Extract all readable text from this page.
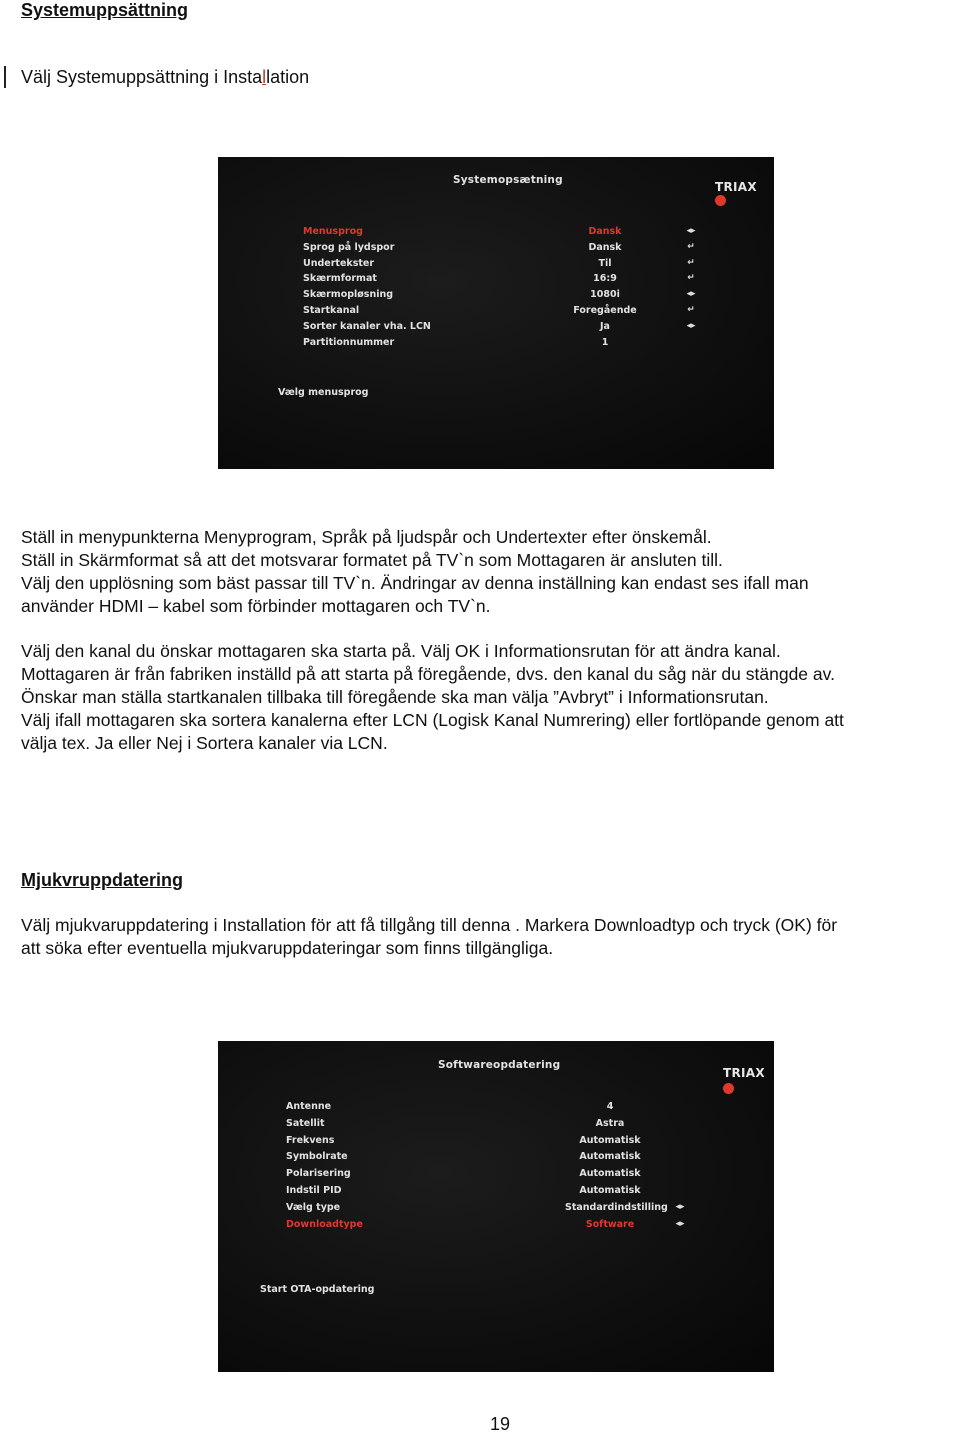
Systemuppsättning
Välj Systemuppsättning i Installation
Systemopsætning	TRIAX
Menusprog	Dansk	◂▸
Sprog på lydspor	Dansk	↵
Undertekster	Til	↵
Skærmformat	16:9	↵
Skærmopløsning	1080i	◂▸
Startkanal	Foregående	↵
Sorter kanaler vha. LCN	Ja	◂▸
Partitionnummer	1
Vælg menusprog
Ställ in menypunkterna Menyprogram, Språk på ljudspår och Undertexter efter önskemål.
Ställ in Skärmformat så att det motsvarar formatet på TV`n som Mottagaren är ansluten till.
Välj den upplösning som bäst passar till TV`n. Ändringar av denna inställning kan endast ses ifall man
använder HDMI – kabel som förbinder mottagaren och TV`n.
Välj den kanal du önskar mottagaren ska starta på. Välj OK i Informationsrutan för att ändra kanal.
Mottagaren är från fabriken inställd på att starta på föregående, dvs. den kanal du såg när du stängde av.
Önskar man ställa startkanalen tillbaka till föregående ska man välja ”Avbryt” i Informationsrutan.
Välj ifall mottagaren ska sortera kanalerna efter LCN (Logisk Kanal Numrering) eller fortlöpande genom att
välja tex. Ja eller Nej i Sortera kanaler via LCN.
Mjukvruppdatering
Välj mjukvaruppdatering i Installation för att få tillgång till denna . Markera Downloadtyp och tryck (OK) för
att söka efter eventuella mjukvaruppdateringar som finns tillgängliga.
Softwareopdatering
TRIAX
Antenne	4
Satellit	Astra
Frekvens	Automatisk
Symbolrate	Automatisk
Polarisering	Automatisk
Indstil PID	Automatisk
Vælg type	Standardindstilling ◂▸
Downloadtype	Software	◂▸
Start OTA-opdatering
19
